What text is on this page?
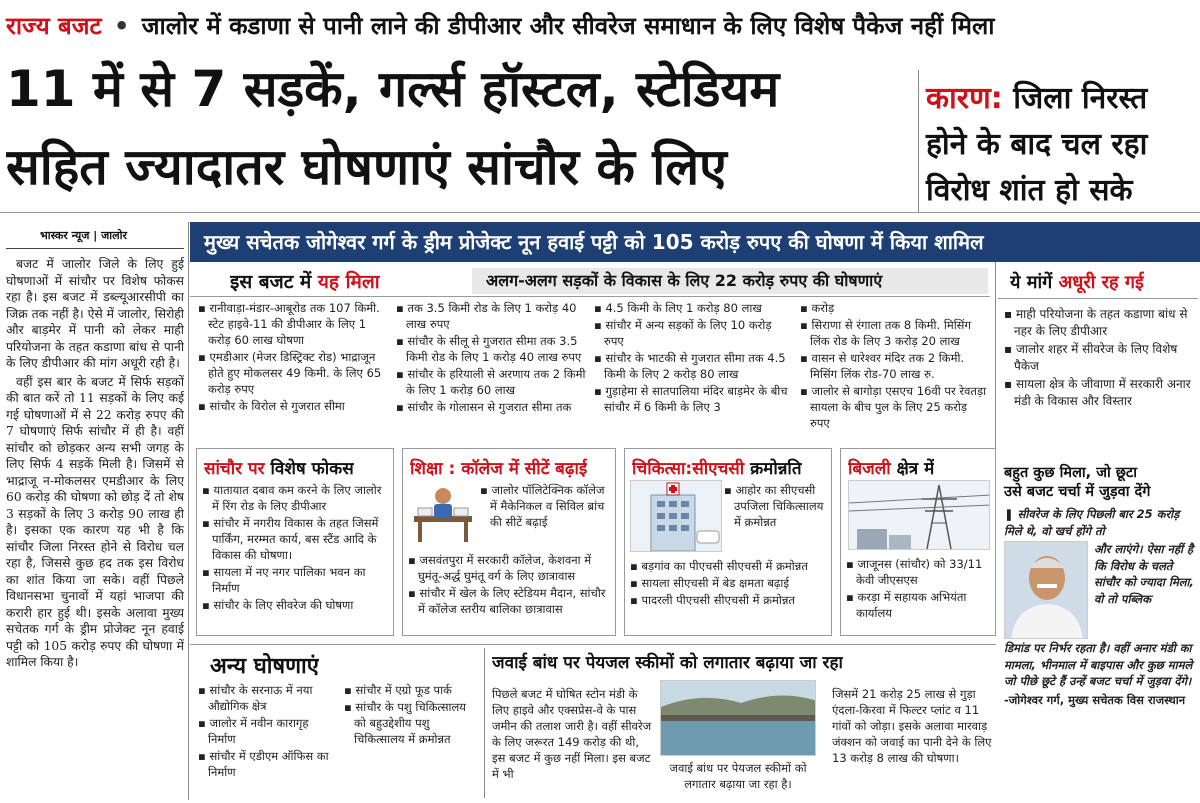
राज्य बजट • जालोर में कडाणा से पानी लाने की डीपीआर और सीवरेज समाधान के लिए विशेष पैकेज नहीं मिला
11 में से 7 सड़कें, गर्ल्स हॉस्टल, स्टेडियम
सहित ज्यादातर घोषणाएं सांचौर के लिए
कारण: जिला निरस्त
होने के बाद चल रहा
विरोध शांत हो सके
भास्कर न्यूज | जालोर

बजट में जालोर जिले के लिए हुई घोषणाओं में सांचौर पर विशेष फोकस रहा है। इस बजट में डब्ल्यूआरसीपी का जिक्र तक नहीं है। ऐसे में जालोर, सिरोही और बाड़मेर में पानी को लेकर माही परियोजना के तहत कडाणा बांध से पानी के लिए डीपीआर की मांग अधूरी रही है।

वहीं इस बार के बजट में सिर्फ सड़कों की बात करें तो 11 सड़कों के लिए कई गई घोषणाओं में से 22 करोड़ रुपए की 7 घोषणाएं सिर्फ सांचौर में ही है। वहीं सांचौर को छोड़कर अन्य सभी जगह के लिए सिर्फ 4 सड़कें मिली है। जिसमें से भाद्राजू न-मोकलसर एमडीआर के लिए 60 करोड़ की घोषणा को छोड़ दें तो शेष 3 सड़कों के लिए 3 करोड़ 90 लाख ही है। इसका एक कारण यह भी है कि सांचौर जिला निरस्त होने से विरोध चल रहा है, जिससे कुछ हद तक इस विरोध का शांत किया जा सके। वहीं पिछले विधानसभा चुनावों में यहां भाजपा की करारी हार हुई थी। इसके अलावा मुख्य सचेतक गर्ग के ड्रीम प्रोजेक्ट नून हवाई पट्टी को 105 करोड़ रुपए की घोषणा में शामिल किया है।

मुख्य सचेतक जोगेश्वर गर्ग के ड्रीम प्रोजेक्ट नून हवाई पट्टी को 105 करोड़ रुपए की घोषणा में किया शामिल
इस बजट में यह मिला	अलग-अलग सड़कों के विकास के लिए 22 करोड़ रुपए की घोषणाएं
▪ रानीवाड़ा-मंडार-आबूरोड तक 107 किमी. स्टेट हाइवे-11 की डीपीआर के लिए 1 करोड़ 60 लाख घोषणा
▪ एमडीआर (मेजर डिस्ट्रिक्ट रोड) भाद्राजून होते हुए मोकलसर 49 किमी. के लिए 65 करोड़ रुपए
▪ सांचौर के विरोल से गुजरात सीमा
▪ तक 3.5 किमी रोड के लिए 1 करोड़ 40 लाख रुपए
▪ सांचौर के सीलू से गुजरात सीमा तक 3.5 किमी रोड के लिए 1 करोड़ 40 लाख रुपए
▪ सांचौर के हरियाली से अरणाय तक 2 किमी के लिए 1 करोड़ 60 लाख
▪ सांचौर के गोलासन से गुजरात सीमा तक
▪ 4.5 किमी के लिए 1 करोड़ 80 लाख
▪ सांचौर में अन्य सड़कों के लिए 10 करोड़ रुपए
▪ सांचौर के भाटकी से गुजरात सीमा तक 4.5 किमी के लिए 2 करोड़ 80 लाख
▪ गुड़ाहेमा से सातपालिया मंदिर बाड़मेर के बीच सांचौर में 6 किमी के लिए 3
▪ करोड़
▪ सिराणा से रंगाला तक 8 किमी. मिसिंग लिंक रोड के लिए 3 करोड़ 20 लाख
▪ वासन से धारेश्वर मंदिर तक 2 किमी. मिसिंग लिंक रोड-70 लाख रु.
▪ जालोर से बागोड़ा एसएच 16वी पर रेवतड़ा सायला के बीच पुल के लिए 25 करोड़ रुपए
ये मांगें अधूरी रह गई
▪ माही परियोजना के तहत कडाणा बांध से नहर के लिए डीपीआर
▪ जालोर शहर में सीवरेज के लिए विशेष पैकेज
▪ सायला क्षेत्र के जीवाणा में सरकारी अनार मंडी के विकास और विस्तार
सांचौर पर विशेष फोकस
▪ यातायात दबाव कम करने के लिए जालोर में रिंग रोड के लिए डीपीआर
▪ सांचौर में नगरीय विकास के तहत जिसमें पार्किंग, मरम्मत कार्य, बस स्टैंड आदि के विकास की घोषणा।
▪ सायला में नए नगर पालिका भवन का निर्माण
▪ सांचौर के लिए सीवरेज की घोषणा
शिक्षा : कॉलेज में सीटें बढ़ाई
▪ जालोर पॉलिटेक्निक कॉलेज में मैकेनिकल व सिविल ब्रांच की सीटें बढ़ाई
▪ जसवंतपुरा में सरकारी कॉलेज, केशवना में घुमंतू-अर्द्ध घुमंतू वर्ग के लिए छात्रावास
▪ सांचौर में खेल के लिए स्टेडियम मैदान, सांचौर में कॉलेज स्तरीय बालिका छात्रावास
चिकित्सा:सीएचसी क्रमोन्नति
▪ आहोर का सीएचसी उपजिला चिकित्सालय में क्रमोन्नत
▪ बड़गांव का पीएचसी सीएचसी में क्रमोन्नत
▪ सायला सीएचसी में बेड क्षमता बढ़ाई
▪ पादरली पीएचसी सीएचसी में क्रमोन्नत
बिजली क्षेत्र में
▪ जाजूनस (सांचौर) को 33/11 केवी जीएसएस
▪ करड़ा में सहायक अभियंता कार्यालय
बहुत कुछ मिला, जो छूटा
उसे बजट चर्चा में जुड़वा देंगे
❚ सीवरेज के लिए पिछली बार 25 करोड़ मिले थे, वो खर्च होंगे तो
और लाएंगे। ऐसा नहीं है कि विरोध के चलते सांचौर को ज्यादा मिला, वो तो पब्लिक
डिमांड पर निर्भर रहता है। वहीं अनार मंडी का मामला, भीनमाल में बाइपास और कुछ मामले जो पीछे छूटे हैं उन्हें बजट चर्चा में जुड़वा देंगे।
-जोगेश्वर गर्ग, मुख्य सचेतक विस राजस्थान
अन्य घोषणाएं
▪ सांचौर के सरनाऊ में नया औद्योगिक क्षेत्र
▪ जालोर में नवीन कारागृह निर्माण
▪ सांचौर में एडीएम ऑफिस का निर्माण
▪ सांचौर में एग्रो फूड पार्क
▪ सांचौर के पशु चिकित्सालय को बहुउद्देशीय पशु चिकित्सालय में क्रमोन्नत
जवाई बांध पर पेयजल स्कीमों को लगातार बढ़ाया जा रहा
पिछले बजट में घोषित स्टोन मंडी के लिए हाइवे और एक्सप्रेस-वे के पास जमीन की तलाश जारी है। वहीं सीवरेज के लिए जरूरत 149 करोड़ की थी, इस बजट में कुछ नहीं मिला। इस बजट में भी	जवाई बांध पर पेयजल स्कीमों को लगातार बढ़ाया जा रहा है।
जिसमें 21 करोड़ 25 लाख से गुड़ा एंदला-किरवा में फिल्टर प्लांट व 11 गांवों को जोड़ा। इसके अलावा मारवाड़ जंक्शन को जवाई का पानी देने के लिए 13 करोड़ 8 लाख की घोषणा।
